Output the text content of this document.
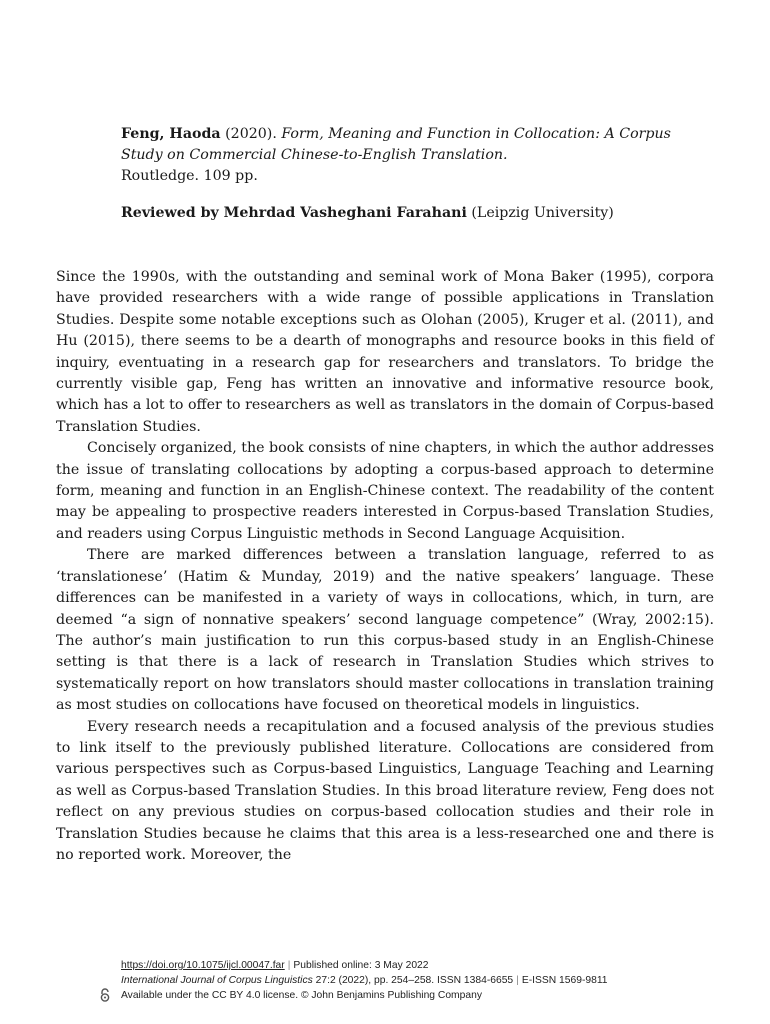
Feng, Haoda (2020). Form, Meaning and Function in Collocation: A Corpus Study on Commercial Chinese-to-English Translation.
Routledge. 109 pp.
Reviewed by Mehrdad Vasheghani Farahani (Leipzig University)

Since the 1990s, with the outstanding and seminal work of Mona Baker (1995), corpora have provided researchers with a wide range of possible applications in Translation Studies. Despite some notable exceptions such as Olohan (2005), Kruger et al. (2011), and Hu (2015), there seems to be a dearth of monographs and resource books in this field of inquiry, eventuating in a research gap for researchers and translators. To bridge the currently visible gap, Feng has written an innovative and informative resource book, which has a lot to offer to researchers as well as translators in the domain of Corpus-based Translation Studies.

Concisely organized, the book consists of nine chapters, in which the author addresses the issue of translating collocations by adopting a corpus-based approach to determine form, meaning and function in an English-Chinese context. The readability of the content may be appealing to prospective readers interested in Corpus-based Translation Studies, and readers using Corpus Linguistic methods in Second Language Acquisition.

There are marked differences between a translation language, referred to as ‘translationese’ (Hatim & Munday, 2019) and the native speakers’ language. These differences can be manifested in a variety of ways in collocations, which, in turn, are deemed “a sign of nonnative speakers’ second language competence” (Wray, 2002:15). The author’s main justification to run this corpus-based study in an English-Chinese setting is that there is a lack of research in Translation Studies which strives to systematically report on how translators should master collocations in translation training as most studies on collocations have focused on theoretical models in linguistics.

Every research needs a recapitulation and a focused analysis of the previous studies to link itself to the previously published literature. Collocations are considered from various perspectives such as Corpus-based Linguistics, Language Teaching and Learning as well as Corpus-based Translation Studies. In this broad literature review, Feng does not reflect on any previous studies on corpus-based collocation studies and their role in Translation Studies because he claims that this area is a less-researched one and there is no reported work. Moreover, the

https://doi.org/10.1075/ijcl.00047.far | Published online: 3 May 2022
International Journal of Corpus Linguistics 27:2 (2022), pp. 254–258. ISSN 1384-6655 | E-ISSN 1569-9811
Available under the CC BY 4.0 license. © John Benjamins Publishing Company
